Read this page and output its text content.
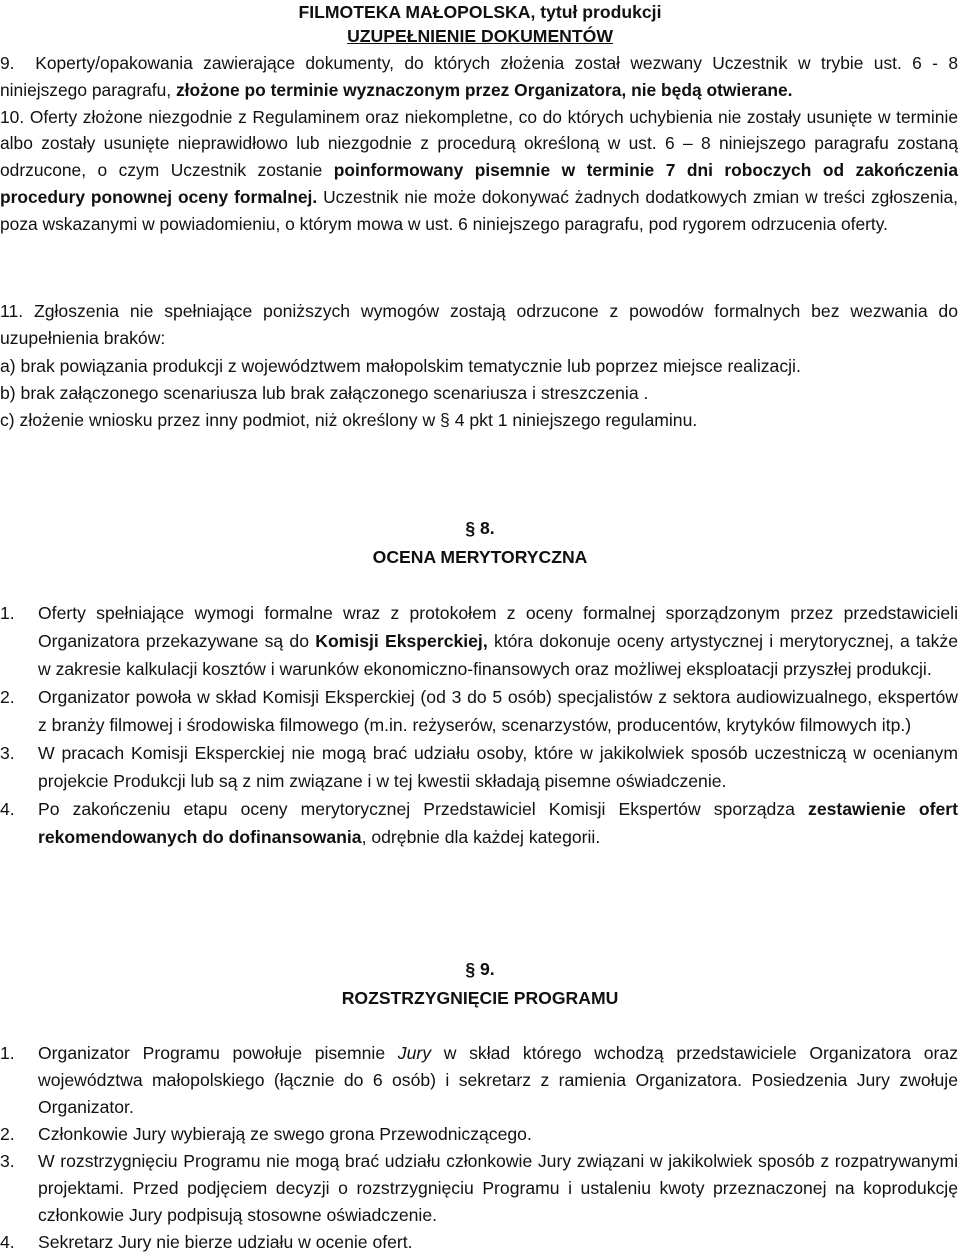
FILMOTEKA MAŁOPOLSKA, tytuł produkcji

UZUPEŁNIENIE DOKUMENTÓW

9. Koperty/opakowania zawierające dokumenty, do których złożenia został wezwany Uczestnik w trybie ust. 6 - 8 niniejszego paragrafu, złożone po terminie wyznaczonym przez Organizatora, nie będą otwierane.

10. Oferty złożone niezgodnie z Regulaminem oraz niekompletne, co do których uchybienia nie zostały usunięte w terminie albo zostały usunięte nieprawidłowo lub niezgodnie z procedurą określoną w ust. 6 – 8 niniejszego paragrafu zostaną odrzucone, o czym Uczestnik zostanie poinformowany pisemnie w terminie 7 dni roboczych od zakończenia procedury ponownej oceny formalnej. Uczestnik nie może dokonywać żadnych dodatkowych zmian w treści zgłoszenia, poza wskazanymi w powiadomieniu, o którym mowa w ust. 6 niniejszego paragrafu, pod rygorem odrzucenia oferty.

11. Zgłoszenia nie spełniające poniższych wymogów zostają odrzucone z powodów formalnych bez wezwania do uzupełnienia braków:

a) brak powiązania produkcji z województwem małopolskim tematycznie lub poprzez miejsce realizacji.

b) brak załączonego scenariusza lub brak załączonego scenariusza i streszczenia .

c) złożenie wniosku przez inny podmiot, niż określony w § 4 pkt 1 niniejszego regulaminu.

§ 8.

OCENA MERYTORYCZNA

1.	Oferty spełniające wymogi formalne wraz z protokołem z oceny formalnej sporządzonym przez przedstawicieli Organizatora przekazywane są do Komisji Eksperckiej, która dokonuje oceny artystycznej i merytorycznej, a także w zakresie kalkulacji kosztów i warunków ekonomiczno-finansowych oraz możliwej eksploatacji przyszłej produkcji.

2.	Organizator powoła w skład Komisji Eksperckiej (od 3 do 5 osób) specjalistów z sektora audiowizualnego, ekspertów z branży filmowej i środowiska filmowego (m.in. reżyserów, scenarzystów, producentów, krytyków filmowych itp.)

3.	W pracach Komisji Eksperckiej nie mogą brać udziału osoby, które w jakikolwiek sposób uczestniczą w ocenianym projekcie Produkcji lub są z nim związane i w tej kwestii składają pisemne oświadczenie.

4.	Po zakończeniu etapu oceny merytorycznej Przedstawiciel Komisji Ekspertów sporządza zestawienie ofert rekomendowanych do dofinansowania, odrębnie dla każdej kategorii.

§ 9.

ROZSTRZYGNIĘCIE PROGRAMU

1.	Organizator Programu powołuje pisemnie Jury w skład którego wchodzą przedstawiciele Organizatora oraz województwa małopolskiego (łącznie do 6 osób) i sekretarz z ramienia Organizatora. Posiedzenia Jury zwołuje Organizator.

2.	Członkowie Jury wybierają ze swego grona Przewodniczącego.

3.	W rozstrzygnięciu Programu nie mogą brać udziału członkowie Jury związani w jakikolwiek sposób z rozpatrywanymi projektami. Przed podjęciem decyzji o rozstrzygnięciu Programu i ustaleniu kwoty przeznaczonej na koprodukcję członkowie Jury podpisują stosowne oświadczenie.

4.	Sekretarz Jury nie bierze udziału w ocenie ofert.
